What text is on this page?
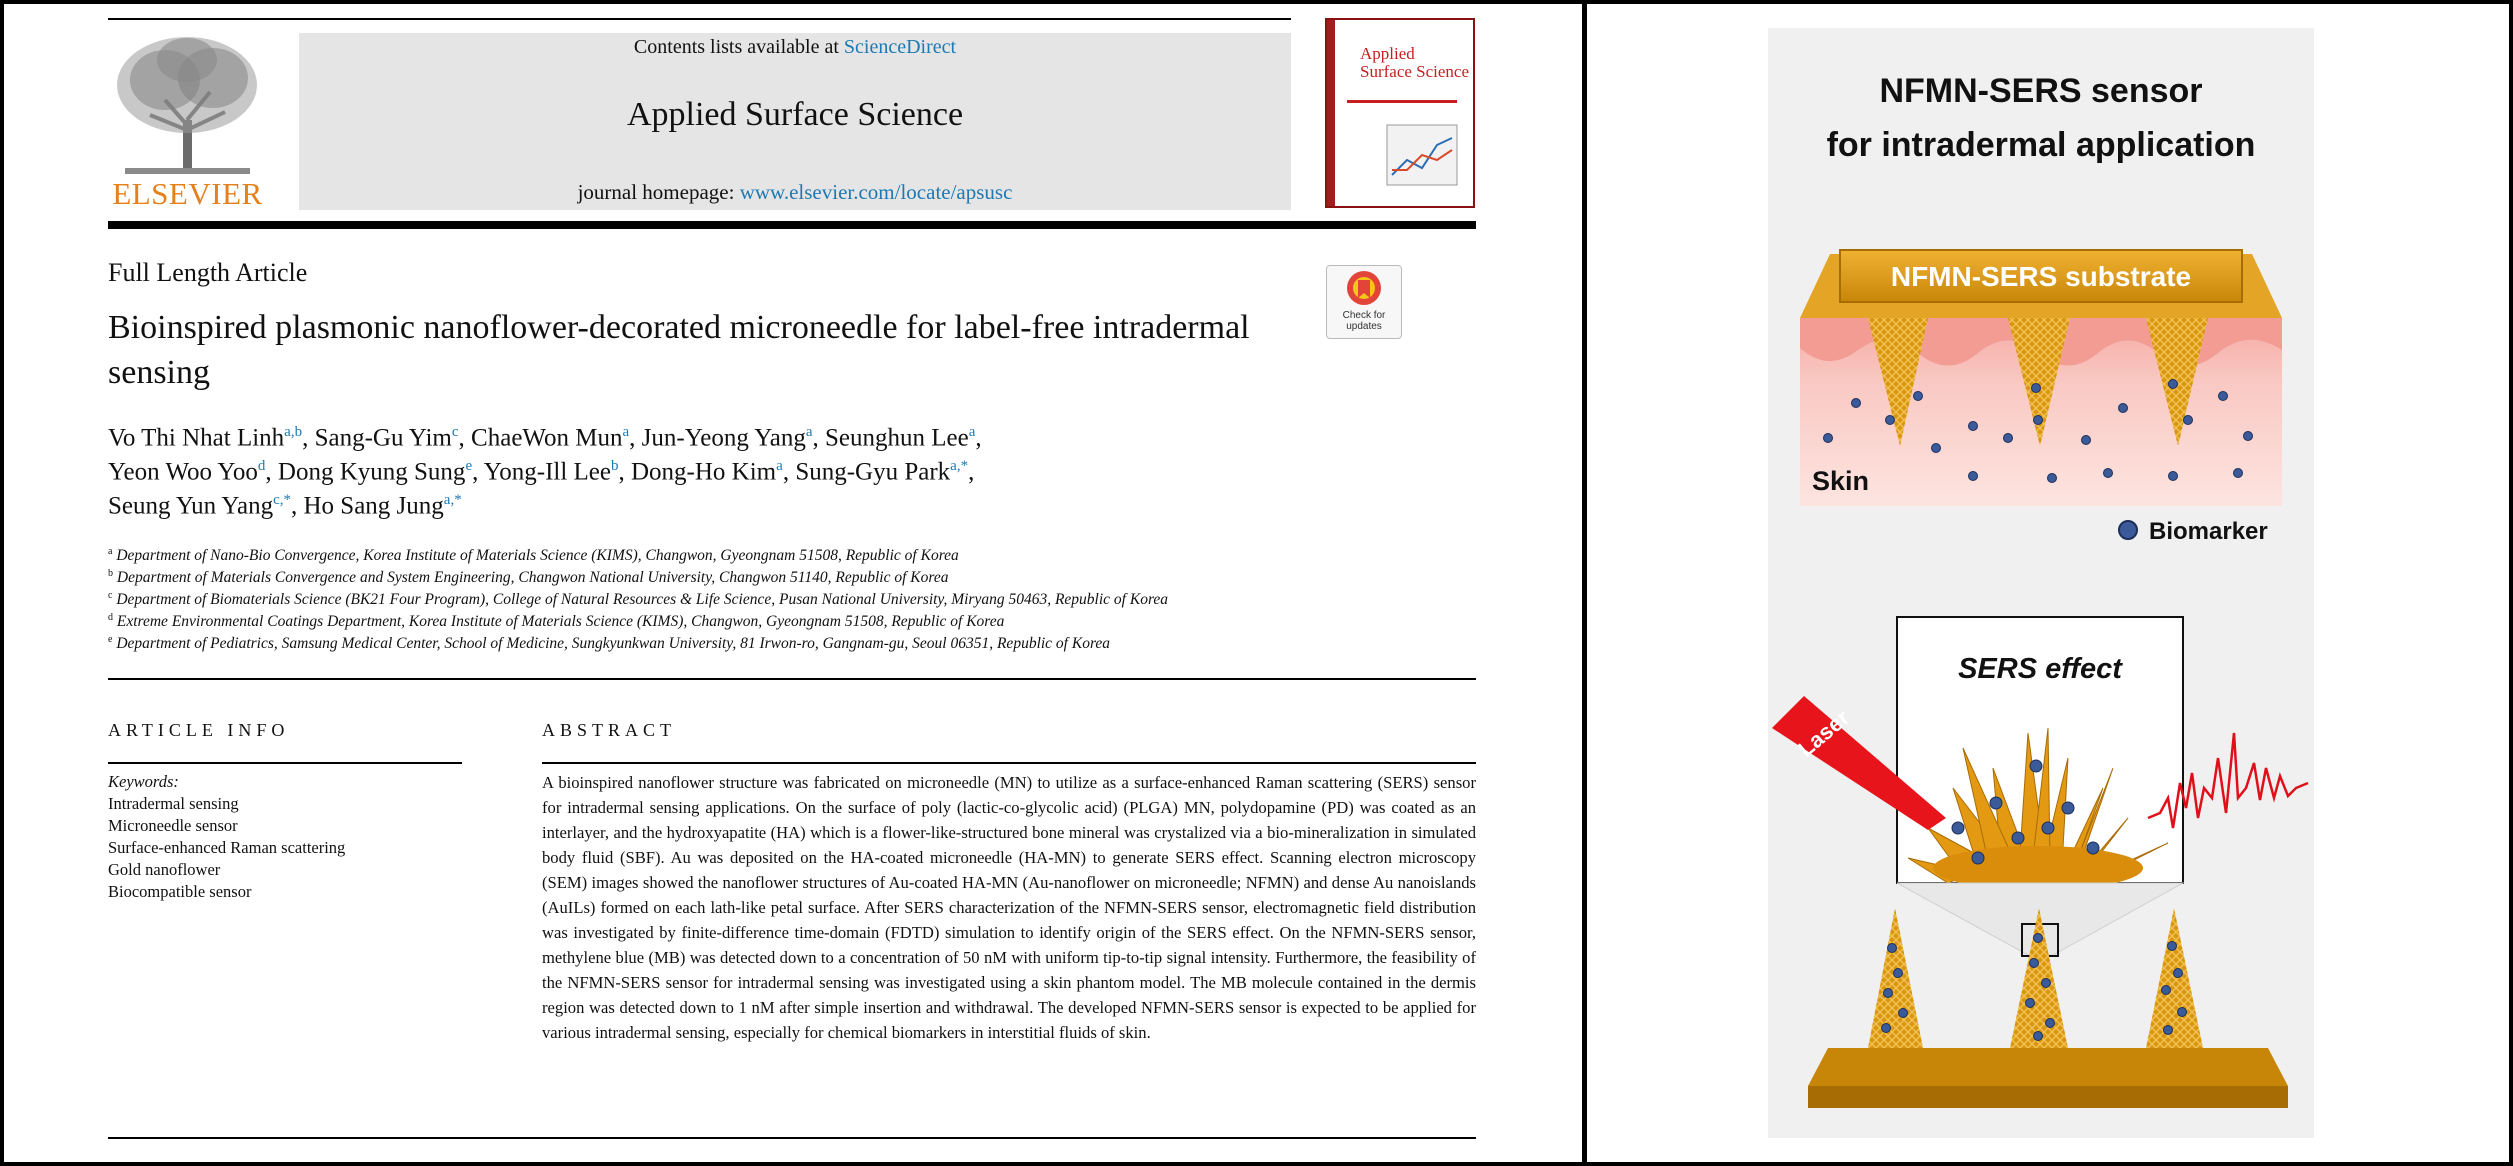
ELSEVIER
Contents lists available at ScienceDirect
Applied Surface Science
journal homepage: www.elsevier.com/locate/apsusc
Applied Surface Science
Full Length Article
Check for updates
Bioinspired plasmonic nanoflower-decorated microneedle for label-free intradermal sensing
Vo Thi Nhat Linh$^{a,b}$, Sang-Gu Yim$^c$, ChaeWon Mun$^a$, Jun-Yeong Yang$^a$, Seunghun Lee$^a$,
Yeon Woo Yoo$^d$, Dong Kyung Sung$^e$, Yong-Ill Lee$^b$, Dong-Ho Kim$^a$, Sung-Gyu Park$^{a,*}$,
Seung Yun Yang$^{c,*}$, Ho Sang Jung$^{a,*}$
$^a$ Department of Nano-Bio Convergence, Korea Institute of Materials Science (KIMS), Changwon, Gyeongnam 51508, Republic of Korea
$^b$ Department of Materials Convergence and System Engineering, Changwon National University, Changwon 51140, Republic of Korea
$^c$ Department of Biomaterials Science (BK21 Four Program), College of Natural Resources & Life Science, Pusan National University, Miryang 50463, Republic of Korea
$^d$ Extreme Environmental Coatings Department, Korea Institute of Materials Science (KIMS), Changwon, Gyeongnam 51508, Republic of Korea
$^e$ Department of Pediatrics, Samsung Medical Center, School of Medicine, Sungkyunkwan University, 81 Irwon-ro, Gangnam-gu, Seoul 06351, Republic of Korea
ARTICLE INFO
Keywords:
Intradermal sensing
Microneedle sensor
Surface-enhanced Raman scattering
Gold nanoflower
Biocompatible sensor
ABSTRACT
A bioinspired nanoflower structure was fabricated on microneedle (MN) to utilize as a surface-enhanced Raman scattering (SERS) sensor for intradermal sensing applications. On the surface of poly (lactic-co-glycolic acid) (PLGA) MN, polydopamine (PD) was coated as an interlayer, and the hydroxyapatite (HA) which is a flower-like-structured bone mineral was crystalized via a bio-mineralization in simulated body fluid (SBF). Au was deposited on the HA-coated microneedle (HA-MN) to generate SERS effect. Scanning electron microscopy (SEM) images showed the nanoflower structures of Au-coated HA-MN (Au-nanoflower on microneedle; NFMN) and dense Au nanoislands (AuILs) formed on each lath-like petal surface. After SERS characterization of the NFMN-SERS sensor, electromagnetic field distribution was investigated by finite-difference time-domain (FDTD) simulation to identify origin of the SERS effect. On the NFMN-SERS sensor, methylene blue (MB) was detected down to a concentration of 50 nM with uniform tip-to-tip signal intensity. Furthermore, the feasibility of the NFMN-SERS sensor for intradermal sensing was investigated using a skin phantom model. The MB molecule contained in the dermis region was detected down to 1 nM after simple insertion and withdrawal. The developed NFMN-SERS sensor is expected to be applied for various intradermal sensing, especially for chemical biomarkers in interstitial fluids of skin.
NFMN-SERS sensor
for intradermal application
NFMN-SERS substrate
Skin
Biomarker
SERS effect
Laser
